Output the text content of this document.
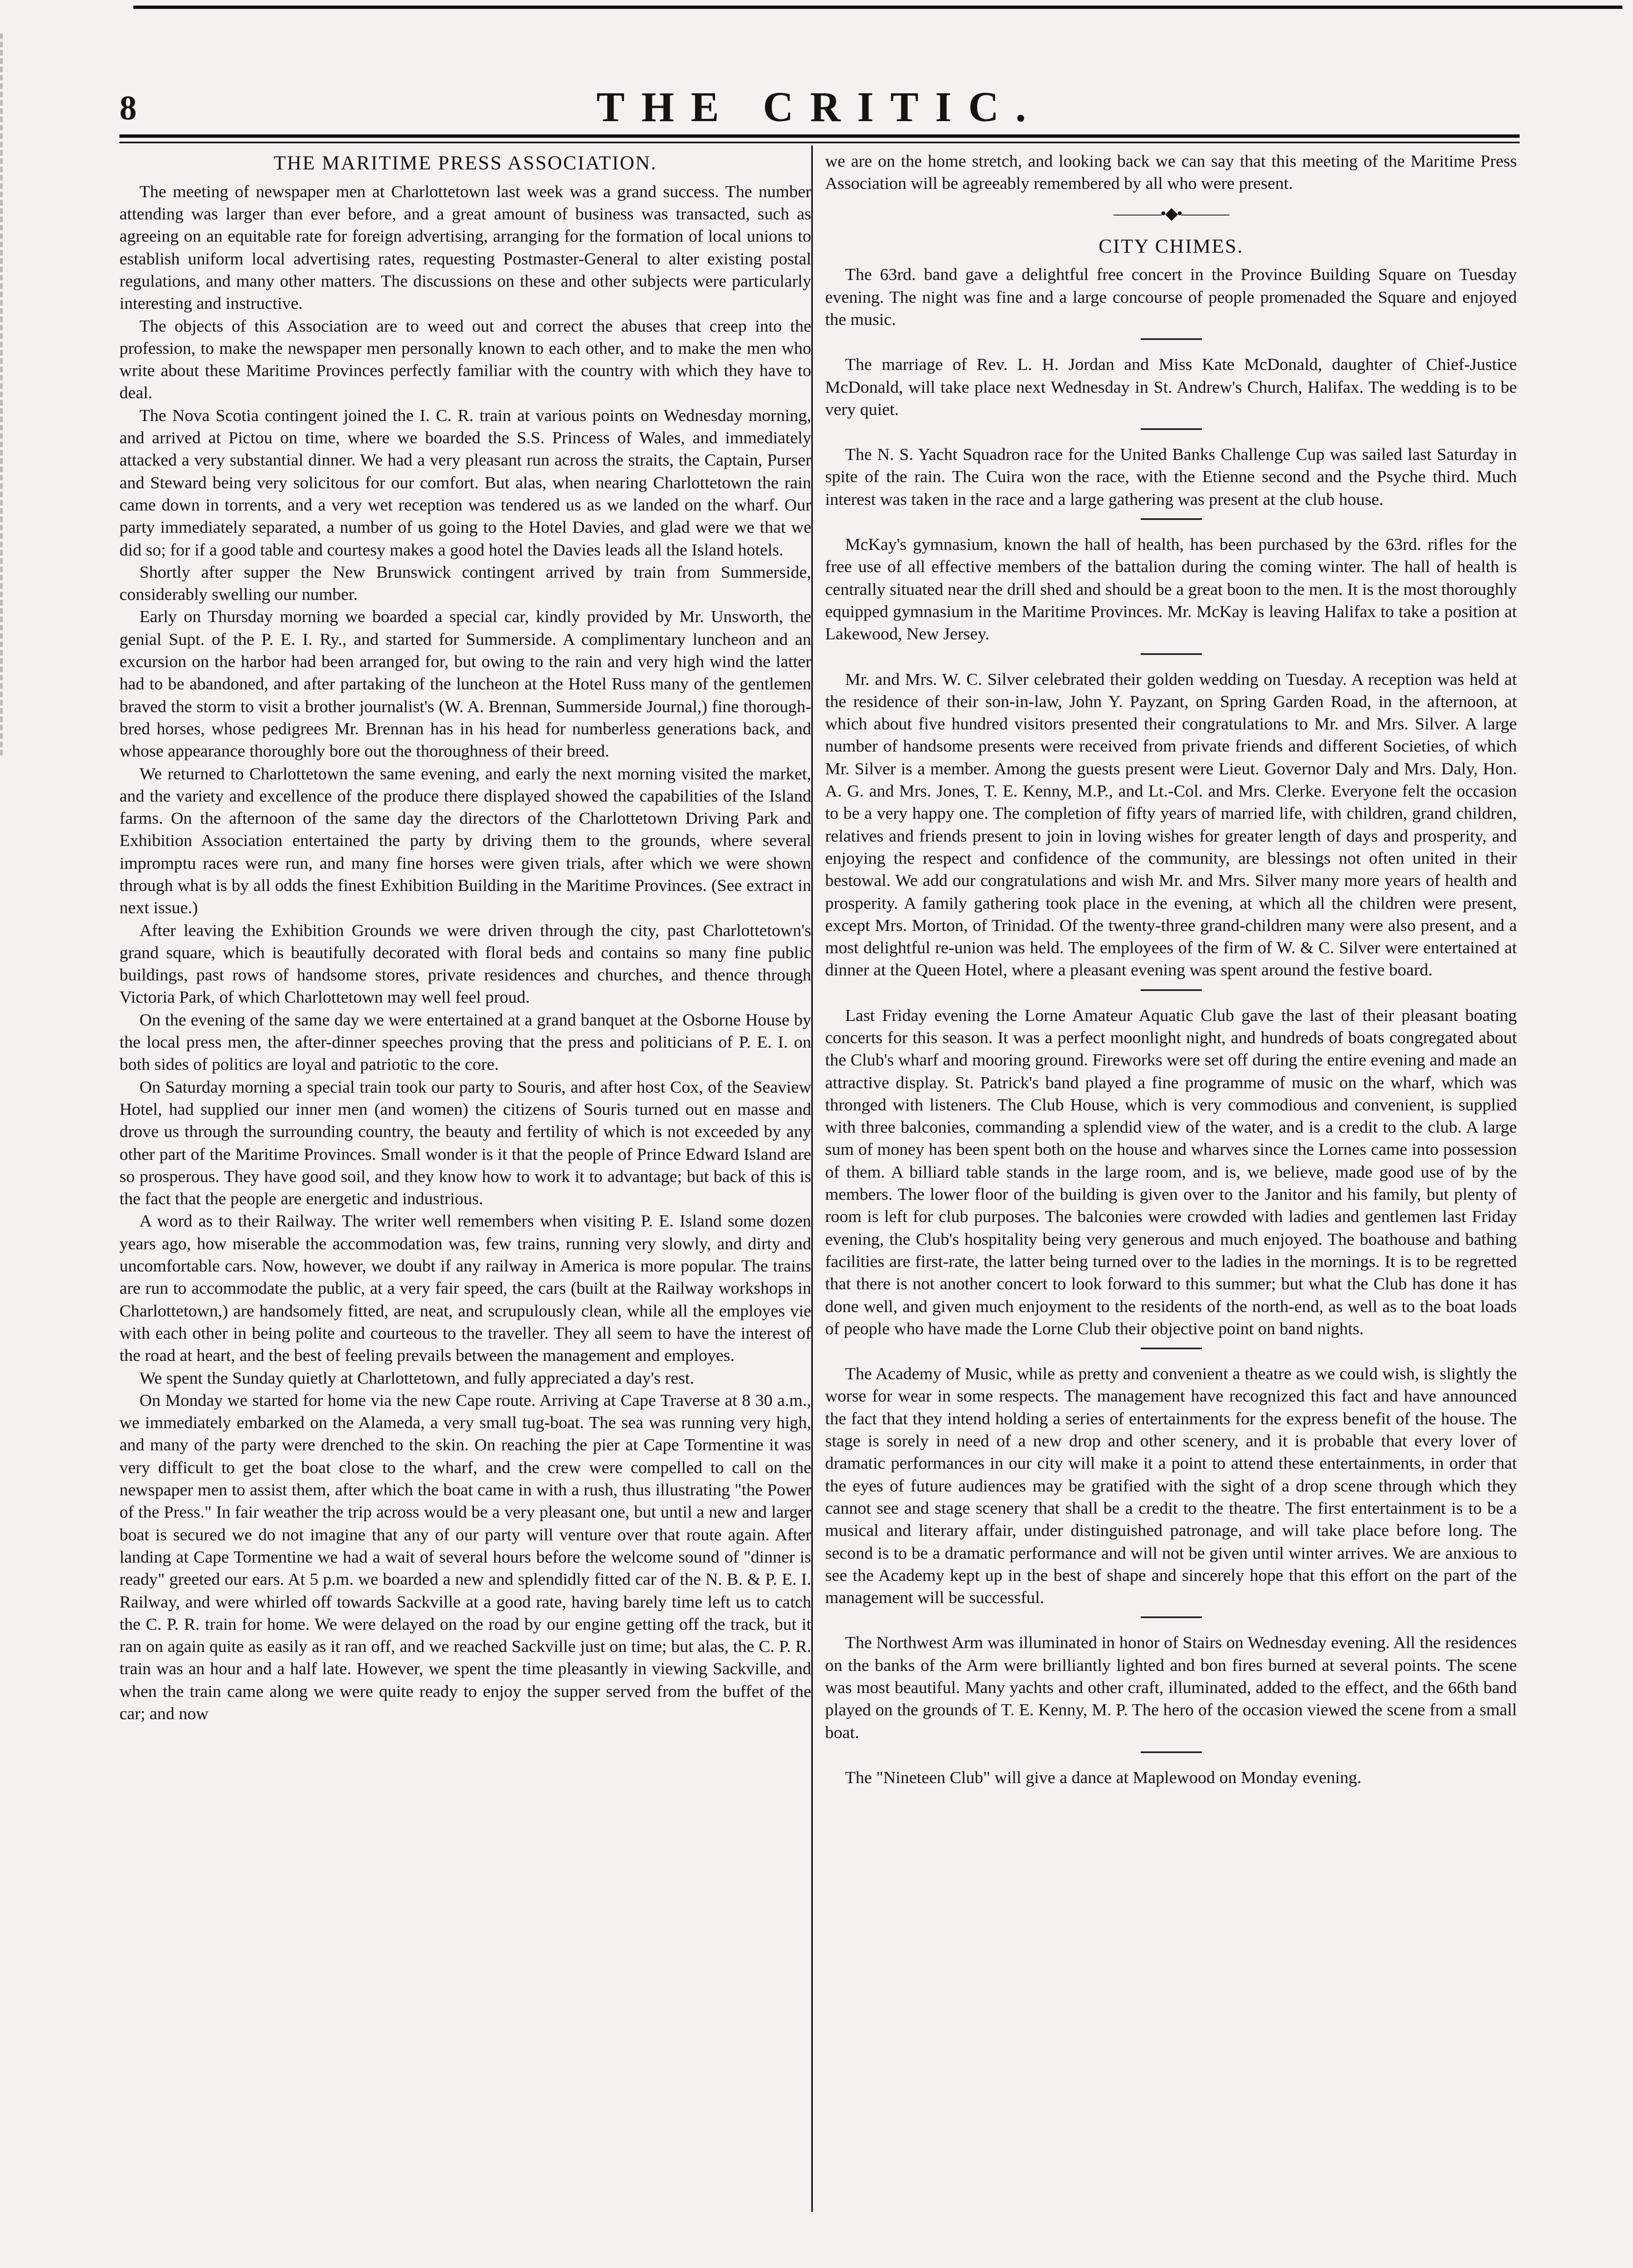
8	THE CRITIC.
THE MARITIME PRESS ASSOCIATION.

The meeting of newspaper men at Charlottetown last week was a grand success. The number attending was larger than ever before, and a great amount of business was transacted, such as agreeing on an equitable rate for foreign advertising, arranging for the formation of local unions to establish uniform local advertising rates, requesting Postmaster-General to alter existing postal regulations, and many other matters. The discussions on these and other subjects were particularly interesting and instructive.

The objects of this Association are to weed out and correct the abuses that creep into the profession, to make the newspaper men personally known to each other, and to make the men who write about these Maritime Provinces perfectly familiar with the country with which they have to deal.

The Nova Scotia contingent joined the I. C. R. train at various points on Wednesday morning, and arrived at Pictou on time, where we boarded the S.S. Princess of Wales, and immediately attacked a very substantial dinner. We had a very pleasant run across the straits, the Captain, Purser and Steward being very solicitous for our comfort. But alas, when nearing Charlottetown the rain came down in torrents, and a very wet reception was tendered us as we landed on the wharf. Our party immediately separated, a number of us going to the Hotel Davies, and glad were we that we did so; for if a good table and courtesy makes a good hotel the Davies leads all the Island hotels.

Shortly after supper the New Brunswick contingent arrived by train from Summerside, considerably swelling our number.

Early on Thursday morning we boarded a special car, kindly provided by Mr. Unsworth, the genial Supt. of the P. E. I. Ry., and started for Summerside. A complimentary luncheon and an excursion on the harbor had been arranged for, but owing to the rain and very high wind the latter had to be abandoned, and after partaking of the luncheon at the Hotel Russ many of the gentlemen braved the storm to visit a brother journalist's (W. A. Brennan, Summerside Journal,) fine thorough-bred horses, whose pedigrees Mr. Brennan has in his head for numberless generations back, and whose appearance thoroughly bore out the thoroughness of their breed.

We returned to Charlottetown the same evening, and early the next morning visited the market, and the variety and excellence of the produce there displayed showed the capabilities of the Island farms. On the afternoon of the same day the directors of the Charlottetown Driving Park and Exhibition Association entertained the party by driving them to the grounds, where several impromptu races were run, and many fine horses were given trials, after which we were shown through what is by all odds the finest Exhibition Building in the Maritime Provinces. (See extract in next issue.)

After leaving the Exhibition Grounds we were driven through the city, past Charlottetown's grand square, which is beautifully decorated with floral beds and contains so many fine public buildings, past rows of handsome stores, private residences and churches, and thence through Victoria Park, of which Charlottetown may well feel proud.

On the evening of the same day we were entertained at a grand banquet at the Osborne House by the local press men, the after-dinner speeches proving that the press and politicians of P. E. I. on both sides of politics are loyal and patriotic to the core.

On Saturday morning a special train took our party to Souris, and after host Cox, of the Seaview Hotel, had supplied our inner men (and women) the citizens of Souris turned out en masse and drove us through the surrounding country, the beauty and fertility of which is not exceeded by any other part of the Maritime Provinces. Small wonder is it that the people of Prince Edward Island are so prosperous. They have good soil, and they know how to work it to advantage; but back of this is the fact that the people are energetic and industrious.

A word as to their Railway. The writer well remembers when visiting P. E. Island some dozen years ago, how miserable the accommodation was, few trains, running very slowly, and dirty and uncomfortable cars. Now, however, we doubt if any railway in America is more popular. The trains are run to accommodate the public, at a very fair speed, the cars (built at the Railway workshops in Charlottetown,) are handsomely fitted, are neat, and scrupulously clean, while all the employes vie with each other in being polite and courteous to the traveller. They all seem to have the interest of the road at heart, and the best of feeling prevails between the management and employes.

We spent the Sunday quietly at Charlottetown, and fully appreciated a day's rest.

On Monday we started for home via the new Cape route. Arriving at Cape Traverse at 8 30 a.m., we immediately embarked on the Alameda, a very small tug-boat. The sea was running very high, and many of the party were drenched to the skin. On reaching the pier at Cape Tormentine it was very difficult to get the boat close to the wharf, and the crew were compelled to call on the newspaper men to assist them, after which the boat came in with a rush, thus illustrating "the Power of the Press." In fair weather the trip across would be a very pleasant one, but until a new and larger boat is secured we do not imagine that any of our party will venture over that route again. After landing at Cape Tormentine we had a wait of several hours before the welcome sound of "dinner is ready" greeted our ears. At 5 p.m. we boarded a new and splendidly fitted car of the N. B. & P. E. I. Railway, and were whirled off towards Sackville at a good rate, having barely time left us to catch the C. P. R. train for home. We were delayed on the road by our engine getting off the track, but it ran on again quite as easily as it ran off, and we reached Sackville just on time; but alas, the C. P. R. train was an hour and a half late. However, we spent the time pleasantly in viewing Sackville, and when the train came along we were quite ready to enjoy the supper served from the buffet of the car; and now

we are on the home stretch, and looking back we can say that this meeting of the Maritime Press Association will be agreeably remembered by all who were present.

———•◆•———
CITY CHIMES.

The 63rd. band gave a delightful free concert in the Province Building Square on Tuesday evening. The night was fine and a large concourse of people promenaded the Square and enjoyed the music.

The marriage of Rev. L. H. Jordan and Miss Kate McDonald, daughter of Chief-Justice McDonald, will take place next Wednesday in St. Andrew's Church, Halifax. The wedding is to be very quiet.

The N. S. Yacht Squadron race for the United Banks Challenge Cup was sailed last Saturday in spite of the rain. The Cuira won the race, with the Etienne second and the Psyche third. Much interest was taken in the race and a large gathering was present at the club house.

McKay's gymnasium, known the hall of health, has been purchased by the 63rd. rifles for the free use of all effective members of the battalion during the coming winter. The hall of health is centrally situated near the drill shed and should be a great boon to the men. It is the most thoroughly equipped gymnasium in the Maritime Provinces. Mr. McKay is leaving Halifax to take a position at Lakewood, New Jersey.

Mr. and Mrs. W. C. Silver celebrated their golden wedding on Tuesday. A reception was held at the residence of their son-in-law, John Y. Payzant, on Spring Garden Road, in the afternoon, at which about five hundred visitors presented their congratulations to Mr. and Mrs. Silver. A large number of handsome presents were received from private friends and different Societies, of which Mr. Silver is a member. Among the guests present were Lieut. Governor Daly and Mrs. Daly, Hon. A. G. and Mrs. Jones, T. E. Kenny, M.P., and Lt.-Col. and Mrs. Clerke. Everyone felt the occasion to be a very happy one. The completion of fifty years of married life, with children, grand children, relatives and friends present to join in loving wishes for greater length of days and prosperity, and enjoying the respect and confidence of the community, are blessings not often united in their bestowal. We add our congratulations and wish Mr. and Mrs. Silver many more years of health and prosperity. A family gathering took place in the evening, at which all the children were present, except Mrs. Morton, of Trinidad. Of the twenty-three grand-children many were also present, and a most delightful re-union was held. The employees of the firm of W. & C. Silver were entertained at dinner at the Queen Hotel, where a pleasant evening was spent around the festive board.

Last Friday evening the Lorne Amateur Aquatic Club gave the last of their pleasant boating concerts for this season. It was a perfect moonlight night, and hundreds of boats congregated about the Club's wharf and mooring ground. Fireworks were set off during the entire evening and made an attractive display. St. Patrick's band played a fine programme of music on the wharf, which was thronged with listeners. The Club House, which is very commodious and convenient, is supplied with three balconies, commanding a splendid view of the water, and is a credit to the club. A large sum of money has been spent both on the house and wharves since the Lornes came into possession of them. A billiard table stands in the large room, and is, we believe, made good use of by the members. The lower floor of the building is given over to the Janitor and his family, but plenty of room is left for club purposes. The balconies were crowded with ladies and gentlemen last Friday evening, the Club's hospitality being very generous and much enjoyed. The boathouse and bathing facilities are first-rate, the latter being turned over to the ladies in the mornings. It is to be regretted that there is not another concert to look forward to this summer; but what the Club has done it has done well, and given much enjoyment to the residents of the north-end, as well as to the boat loads of people who have made the Lorne Club their objective point on band nights.

The Academy of Music, while as pretty and convenient a theatre as we could wish, is slightly the worse for wear in some respects. The management have recognized this fact and have announced the fact that they intend holding a series of entertainments for the express benefit of the house. The stage is sorely in need of a new drop and other scenery, and it is probable that every lover of dramatic performances in our city will make it a point to attend these entertainments, in order that the eyes of future audiences may be gratified with the sight of a drop scene through which they cannot see and stage scenery that shall be a credit to the theatre. The first entertainment is to be a musical and literary affair, under distinguished patronage, and will take place before long. The second is to be a dramatic performance and will not be given until winter arrives. We are anxious to see the Academy kept up in the best of shape and sincerely hope that this effort on the part of the management will be successful.

The Northwest Arm was illuminated in honor of Stairs on Wednesday evening. All the residences on the banks of the Arm were brilliantly lighted and bon fires burned at several points. The scene was most beautiful. Many yachts and other craft, illuminated, added to the effect, and the 66th band played on the grounds of T. E. Kenny, M. P. The hero of the occasion viewed the scene from a small boat.

The "Nineteen Club" will give a dance at Maplewood on Monday evening.
